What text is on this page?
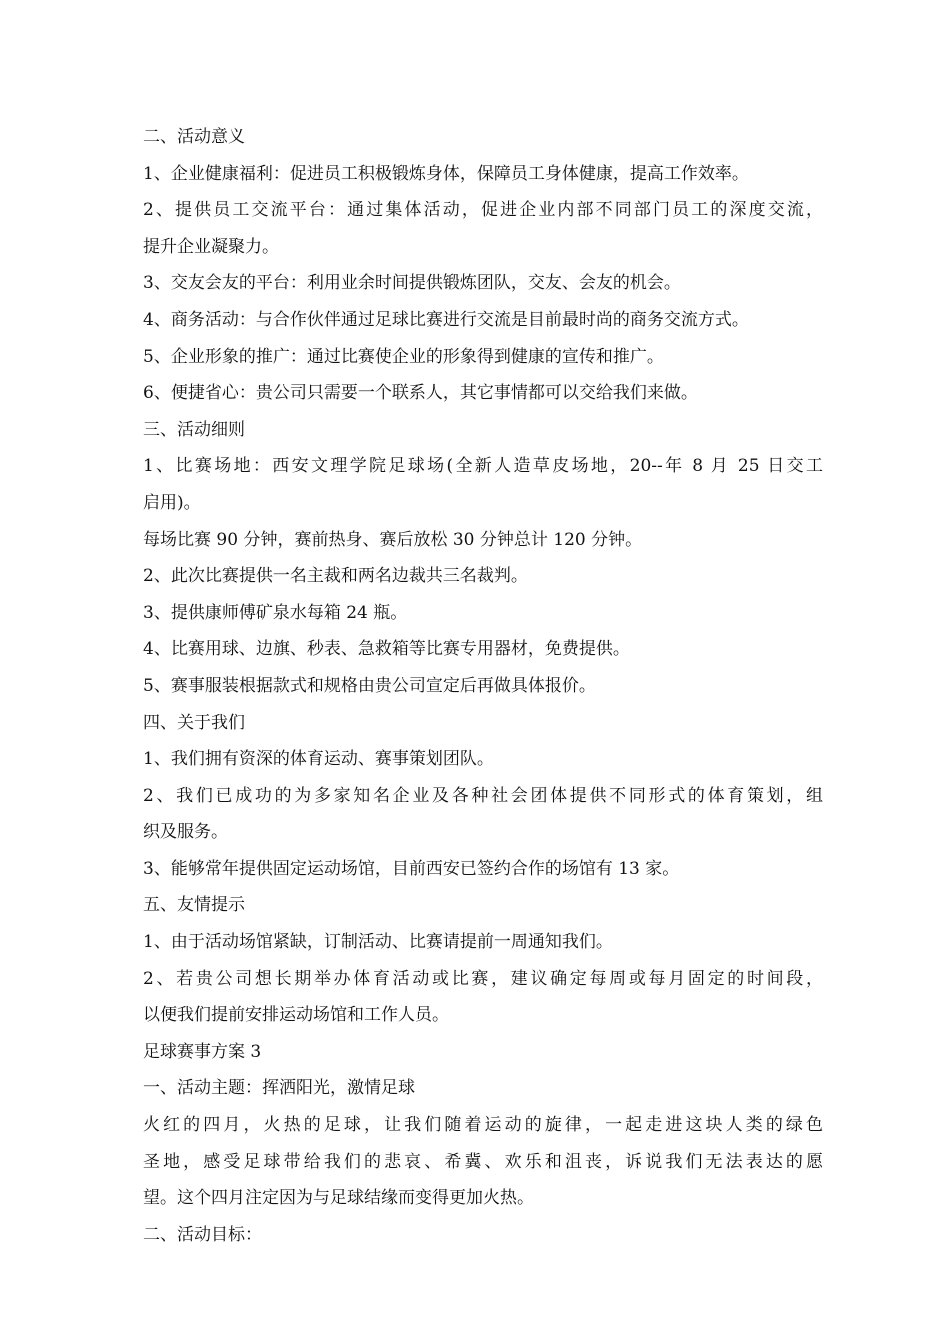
二、活动意义
1、企业健康福利：促进员工积极锻炼身体，保障员工身体健康，提高工作效率。
2、提供员工交流平台：通过集体活动，促进企业内部不同部门员工的深度交流，
提升企业凝聚力。
3、交友会友的平台：利用业余时间提供锻炼团队，交友、会友的机会。
4、商务活动：与合作伙伴通过足球比赛进行交流是目前最时尚的商务交流方式。
5、企业形象的推广：通过比赛使企业的形象得到健康的宣传和推广。
6、便捷省心：贵公司只需要一个联系人，其它事情都可以交给我们来做。
三、活动细则
1、比赛场地：西安文理学院足球场(全新人造草皮场地，20--年 8 月 25 日交工
启用)。
每场比赛 90 分钟，赛前热身、赛后放松 30 分钟总计 120 分钟。
2、此次比赛提供一名主裁和两名边裁共三名裁判。
3、提供康师傅矿泉水每箱 24 瓶。
4、比赛用球、边旗、秒表、急救箱等比赛专用器材，免费提供。
5、赛事服装根据款式和规格由贵公司宣定后再做具体报价。
四、关于我们
1、我们拥有资深的体育运动、赛事策划团队。
2、我们已成功的为多家知名企业及各种社会团体提供不同形式的体育策划，组
织及服务。
3、能够常年提供固定运动场馆，目前西安已签约合作的场馆有 13 家。
五、友情提示
1、由于活动场馆紧缺，订制活动、比赛请提前一周通知我们。
2、若贵公司想长期举办体育活动或比赛，建议确定每周或每月固定的时间段，
以便我们提前安排运动场馆和工作人员。
足球赛事方案 3
一、活动主题：挥洒阳光，激情足球
火红的四月，火热的足球，让我们随着运动的旋律，一起走进这块人类的绿色
圣地，感受足球带给我们的悲哀、希冀、欢乐和沮丧，诉说我们无法表达的愿
望。这个四月注定因为与足球结缘而变得更加火热。
二、活动目标：
